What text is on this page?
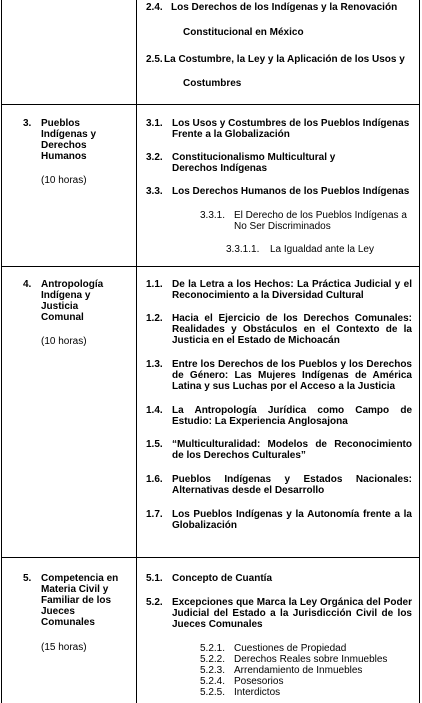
2.4. Los Derechos de los Indígenas y la Renovación
Constitucional en México
2.5. La Costumbre, la Ley y la Aplicación de los Usos y
Costumbres
3. Pueblos Indígenas y Derechos Humanos
(10 horas)
3.1. Los Usos y Costumbres de los Pueblos Indígenas Frente a la Globalización
3.2. Constitucionalismo Multicultural y Derechos Indígenas
3.3. Los Derechos Humanos de los Pueblos Indígenas
3.3.1. El Derecho de los Pueblos Indígenas a No Ser Discriminados
3.3.1.1. La Igualdad ante la Ley
4. Antropología Indígena y Justicia Comunal
(10 horas)
1.1. De la Letra a los Hechos: La Práctica Judicial y el Reconocimiento a la Diversidad Cultural
1.2. Hacia el Ejercicio de los Derechos Comunales: Realidades y Obstáculos en el Contexto de la Justicia en el Estado de Michoacán
1.3. Entre los Derechos de los Pueblos y los Derechos de Género: Las Mujeres Indígenas de América Latina y sus Luchas por el Acceso a la Justicia
1.4. La Antropología Jurídica como Campo de Estudio: La Experiencia Anglosajona
1.5. “Multiculturalidad: Modelos de Reconocimiento de los Derechos Culturales”
1.6. Pueblos Indígenas y Estados Nacionales: Alternativas desde el Desarrollo
1.7. Los Pueblos Indígenas y la Autonomía frente a la Globalización
5. Competencia en Materia Civil y Familiar de los Jueces Comunales
(15 horas)
5.1. Concepto de Cuantía
5.2. Excepciones que Marca la Ley Orgánica del Poder Judicial del Estado a la Jurisdicción Civil de los Jueces Comunales
5.2.1. Cuestiones de Propiedad
5.2.2. Derechos Reales sobre Inmuebles
5.2.3. Arrendamiento de Inmuebles
5.2.4. Posesorios
5.2.5. Interdictos
